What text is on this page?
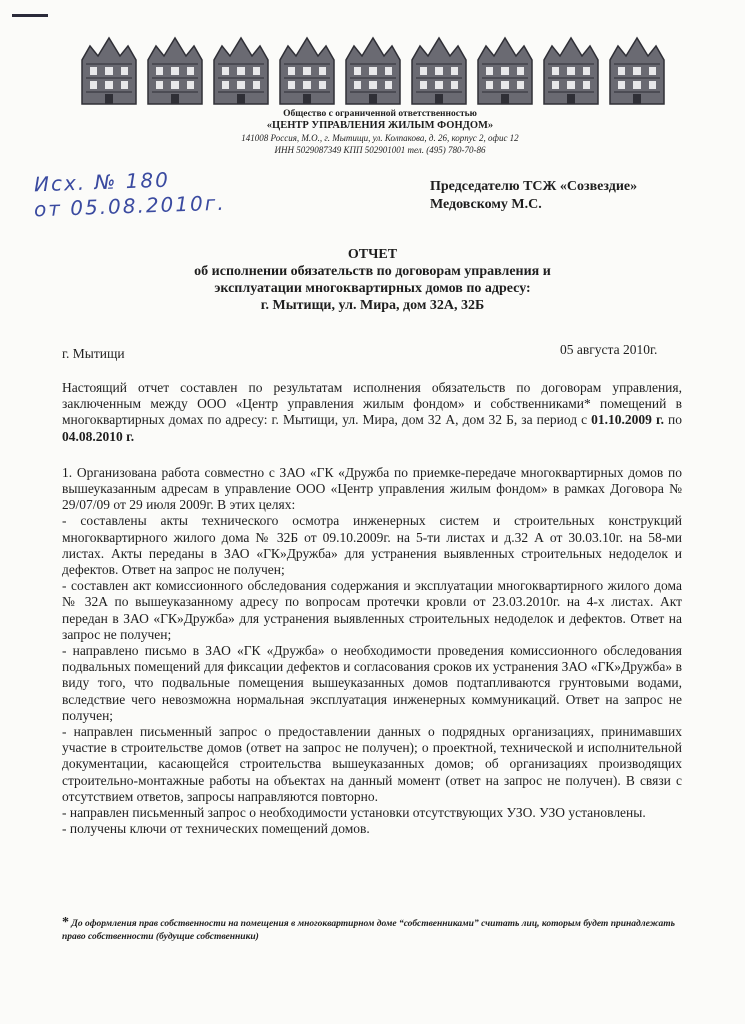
Общество с ограниченной ответственностью
«ЦЕНТР УПРАВЛЕНИЯ ЖИЛЫМ ФОНДОМ»
141008 Россия, М.О., г. Мытищи, ул. Колпакова, д. 26, корпус 2, офис 12
ИНН 5029087349 КПП 502901001 тел. (495) 780-70-86
Исх. № 180
от 05.08.2010г.
Председателю ТСЖ «Созвездие»
Медовскому М.С.
ОТЧЕТ
об исполнении обязательств по договорам управления и
эксплуатации многоквартирных домов по адресу:
г. Мытищи, ул. Мира, дом 32А, 32Б
г. Мытищи	05 августа 2010г.

Настоящий отчет составлен по результатам исполнения обязательств по договорам управления, заключенным между ООО «Центр управления жилым фондом» и собственниками* помещений в многоквартирных домах по адресу: г. Мытищи, ул. Мира, дом 32 А, дом 32 Б, за период с 01.10.2009 г. по 04.08.2010 г.

1. Организована работа совместно с ЗАО «ГК «Дружба по приемке-передаче многоквартирных домов по вышеуказанным адресам в управление ООО «Центр управления жилым фондом» в рамках Договора № 29/07/09 от 29 июля 2009г. В этих целях:

- составлены акты технического осмотра инженерных систем и строительных конструкций многоквартирного жилого дома № 32Б от 09.10.2009г. на 5-ти листах и д.32 А от 30.03.10г. на 58-ми листах. Акты переданы в ЗАО «ГК»Дружба» для устранения выявленных строительных недоделок и дефектов. Ответ на запрос не получен;

- составлен акт комиссионного обследования содержания и эксплуатации многоквартирного жилого дома № 32А по вышеуказанному адресу по вопросам протечки кровли от 23.03.2010г. на 4-х листах. Акт передан в ЗАО «ГК»Дружба» для устранения выявленных строительных недоделок и дефектов. Ответ на запрос не получен;

- направлено письмо в ЗАО «ГК «Дружба» о необходимости проведения комиссионного обследования подвальных помещений для фиксации дефектов и согласования сроков их устранения ЗАО «ГК»Дружба» в виду того, что подвальные помещения вышеуказанных домов подтапливаются грунтовыми водами, вследствие чего невозможна нормальная эксплуатация инженерных коммуникаций. Ответ на запрос не получен;

- направлен письменный запрос о предоставлении данных о подрядных организациях, принимавших участие в строительстве домов (ответ на запрос не получен); о проектной, технической и исполнительной документации, касающейся строительства вышеуказанных домов; об организациях производящих строительно-монтажные работы на объектах на данный момент (ответ на запрос не получен). В связи с отсутствием ответов, запросы направляются повторно.

- направлен письменный запрос о необходимости установки отсутствующих УЗО. УЗО установлены.

- получены ключи от технических помещений домов.

* До оформления прав собственности на помещения в многоквартирном доме “собственниками” считать лиц, которым будет принадлежать право собственности (будущие собственники)
